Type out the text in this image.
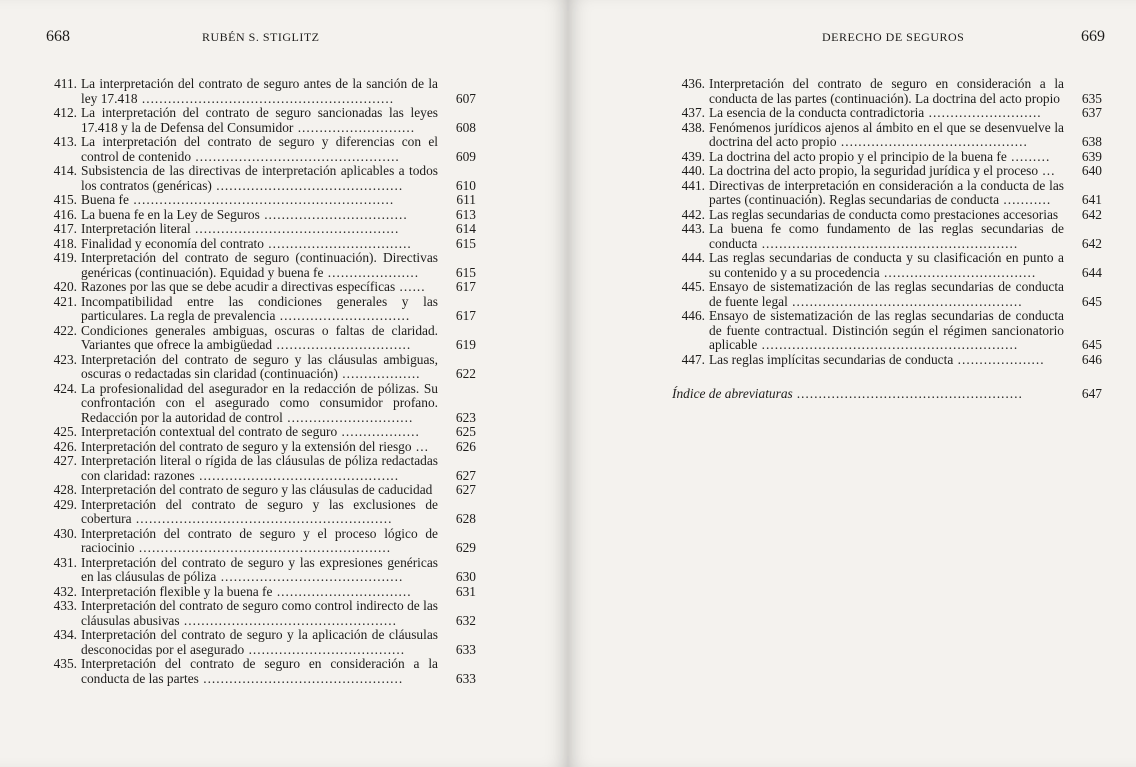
668	RUBÉN S. STIGLITZ
411. La interpretación del contrato de seguro antes de la sanción de la ley 17.418 ..........................................................	607
412. La interpretación del contrato de seguro sancionadas las leyes 17.418 y la de Defensa del Consumidor ...........................	608
413. La interpretación del contrato de seguro y diferencias con el control de contenido ...............................................	609
414. Subsistencia de las directivas de interpretación aplicables a todos los contratos (genéricas) ...........................................	610
415. Buena fe ............................................................	611
416. La buena fe en la Ley de Seguros .................................	613
417. Interpretación literal ...............................................	614
418. Finalidad y economía del contrato .................................	615
419. Interpretación del contrato de seguro (continuación). Directivas genéricas (continuación). Equidad y buena fe .....................	615
420. Razones por las que se debe acudir a directivas específicas ......	617
421. Incompatibilidad entre las condiciones generales y las particulares. La regla de prevalencia ..............................	617
422. Condiciones generales ambiguas, oscuras o faltas de claridad. Variantes que ofrece la ambigüedad ...............................	619
423. Interpretación del contrato de seguro y las cláusulas ambiguas, oscuras o redactadas sin claridad (continuación) ..................	622
424. La profesionalidad del asegurador en la redacción de pólizas. Su confrontación con el asegurado como consumidor profano. Redacción por la autoridad de control .............................	623
425. Interpretación contextual del contrato de seguro ..................	625
426. Interpretación del contrato de seguro y la extensión del riesgo ...	626
427. Interpretación literal o rígida de las cláusulas de póliza redactadas con claridad: razones ..............................................	627
428. Interpretación del contrato de seguro y las cláusulas de caducidad	627
429. Interpretación del contrato de seguro y las exclusiones de cobertura ...........................................................	628
430. Interpretación del contrato de seguro y el proceso lógico de raciocinio ..........................................................	629
431. Interpretación del contrato de seguro y las expresiones genéricas en las cláusulas de póliza ..........................................	630
432. Interpretación flexible y la buena fe ...............................	631
433. Interpretación del contrato de seguro como control indirecto de las cláusulas abusivas .................................................	632
434. Interpretación del contrato de seguro y la aplicación de cláusulas desconocidas por el asegurado ....................................	633
435. Interpretación del contrato de seguro en consideración a la conducta de las partes ..............................................	633
DERECHO DE SEGUROS	669
436. Interpretación del contrato de seguro en consideración a la conducta de las partes (continuación). La doctrina del acto propio	635
437. La esencia de la conducta contradictoria ..........................	637
438. Fenómenos jurídicos ajenos al ámbito en el que se desenvuelve la doctrina del acto propio ...........................................	638
439. La doctrina del acto propio y el principio de la buena fe .........	639
440. La doctrina del acto propio, la seguridad jurídica y el proceso ...	640
441. Directivas de interpretación en consideración a la conducta de las partes (continuación). Reglas secundarias de conducta ...........	641
442. Las reglas secundarias de conducta como prestaciones accesorias	642
443. La buena fe como fundamento de las reglas secundarias de conducta ...........................................................	642
444. Las reglas secundarias de conducta y su clasificación en punto a su contenido y a su procedencia ...................................	644
445. Ensayo de sistematización de las reglas secundarias de conducta de fuente legal .....................................................	645
446. Ensayo de sistematización de las reglas secundarias de conducta de fuente contractual. Distinción según el régimen sancionatorio aplicable ...........................................................	645
447. Las reglas implícitas secundarias de conducta ....................	646
Índice de abreviaturas ....................................................	647
